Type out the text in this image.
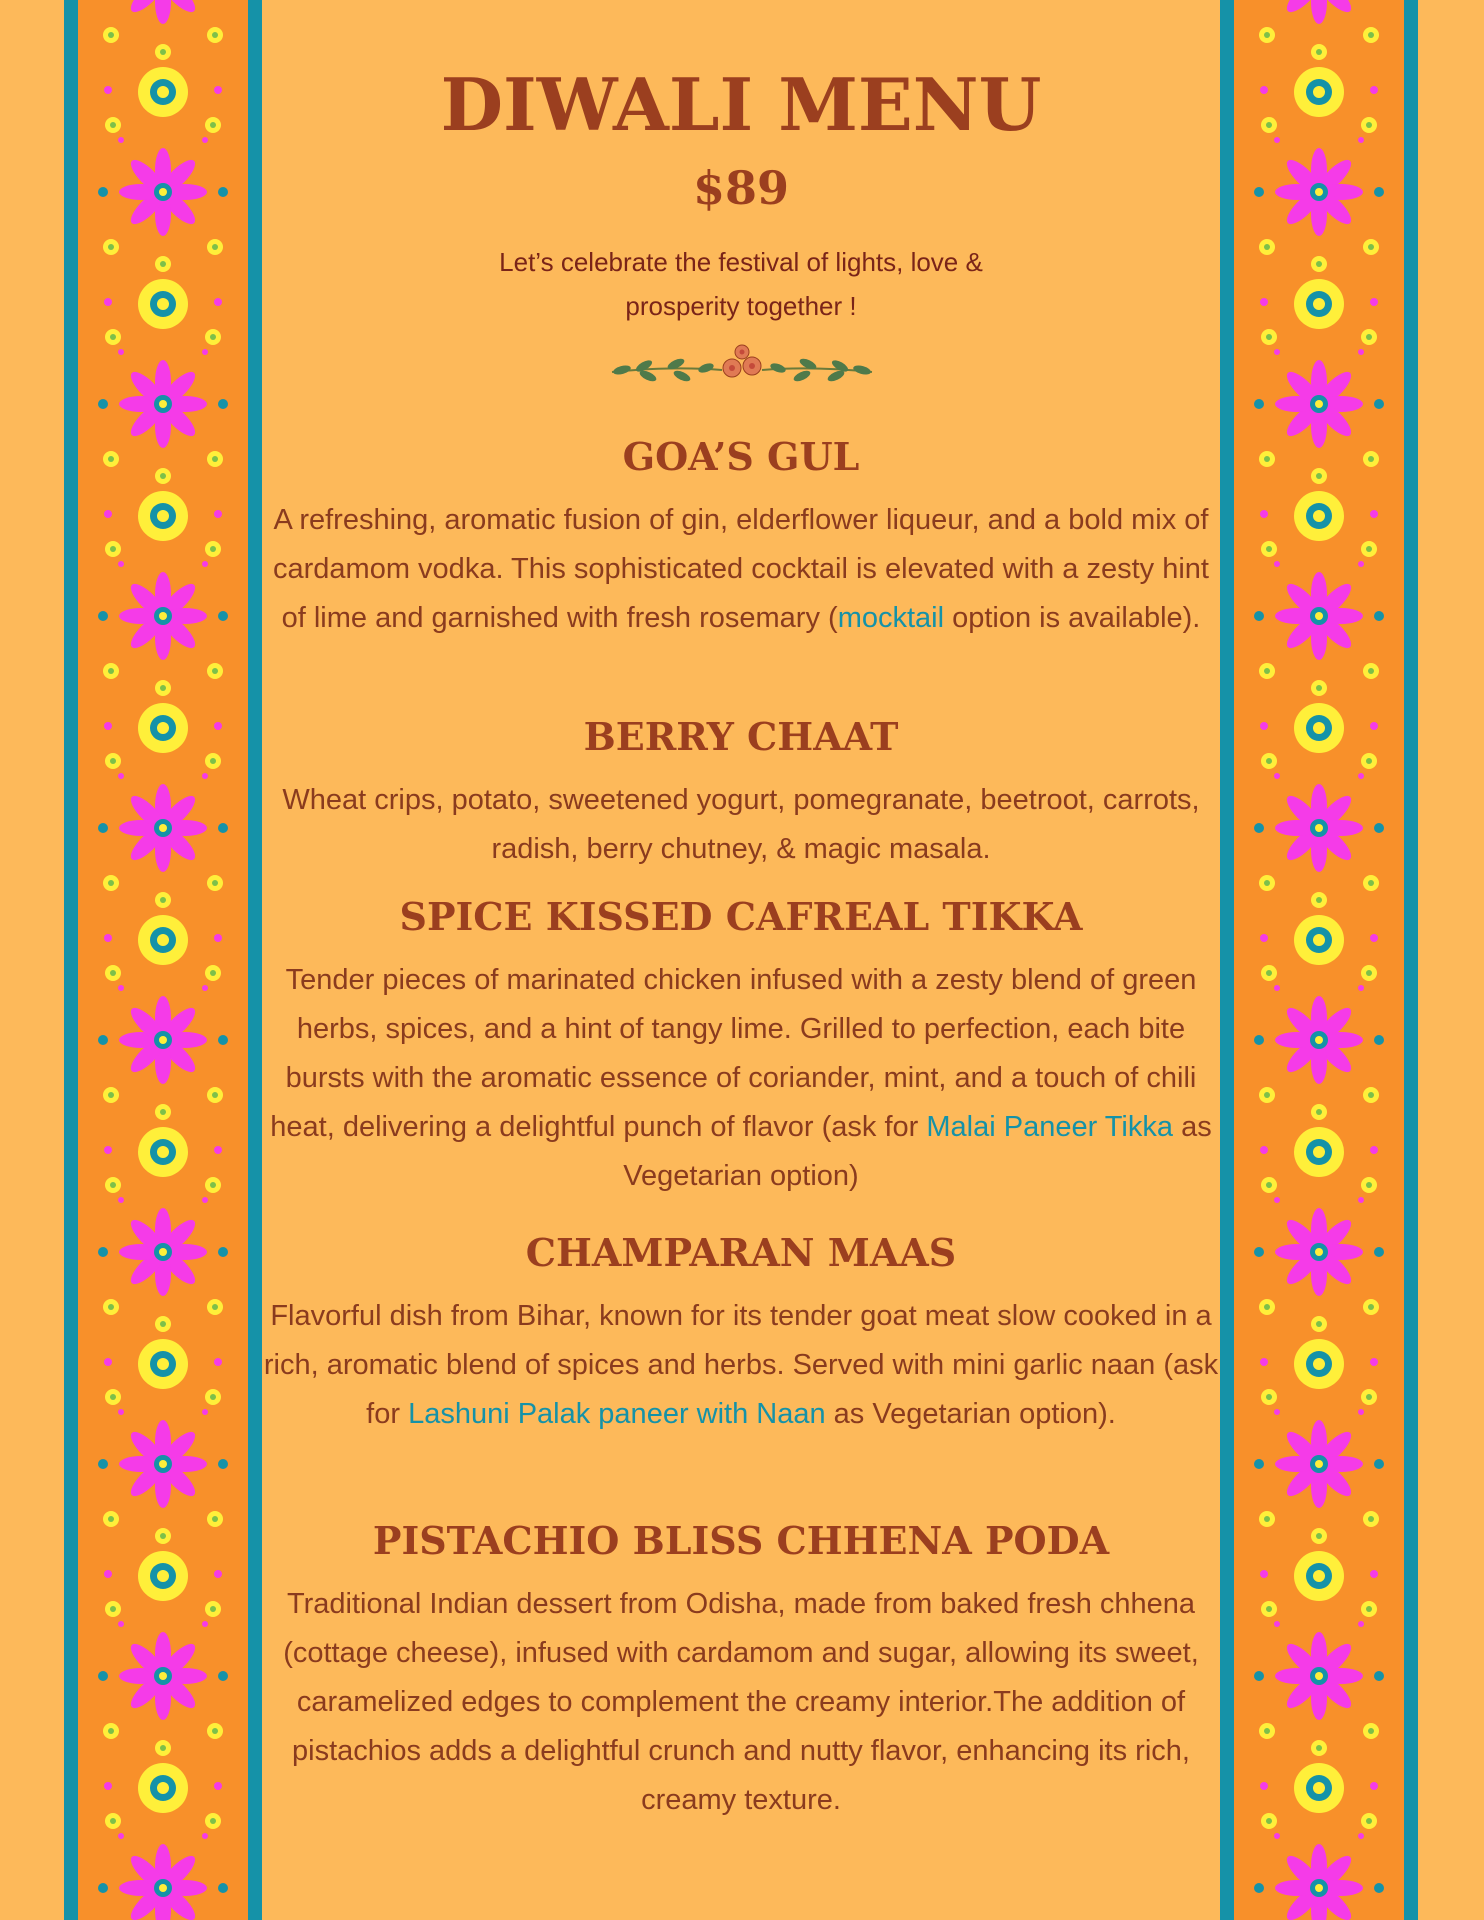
DIWALI MENU
$89
Let’s celebrate the festival of lights, love &
prosperity together !
GOA’S GUL

A refreshing, aromatic fusion of gin, elderflower liqueur, and a bold mix of cardamom vodka. This sophisticated cocktail is elevated with a zesty hint of lime and garnished with fresh rosemary (mocktail option is available).

BERRY CHAAT

Wheat crips, potato, sweetened yogurt, pomegranate, beetroot, carrots, radish, berry chutney, & magic masala.

SPICE KISSED CAFREAL TIKKA

Tender pieces of marinated chicken infused with a zesty blend of green herbs, spices, and a hint of tangy lime. Grilled to perfection, each bite bursts with the aromatic essence of coriander, mint, and a touch of chili heat, delivering a delightful punch of flavor (ask for Malai Paneer Tikka as Vegetarian option)

CHAMPARAN MAAS

Flavorful dish from Bihar, known for its tender goat meat slow cooked in a rich, aromatic blend of spices and herbs. Served with mini garlic naan (ask for Lashuni Palak paneer with Naan as Vegetarian option).

PISTACHIO BLISS CHHENA PODA

Traditional Indian dessert from Odisha, made from baked fresh chhena (cottage cheese), infused with cardamom and sugar, allowing its sweet, caramelized edges to complement the creamy interior.The addition of pistachios adds a delightful crunch and nutty flavor, enhancing its rich, creamy texture.
